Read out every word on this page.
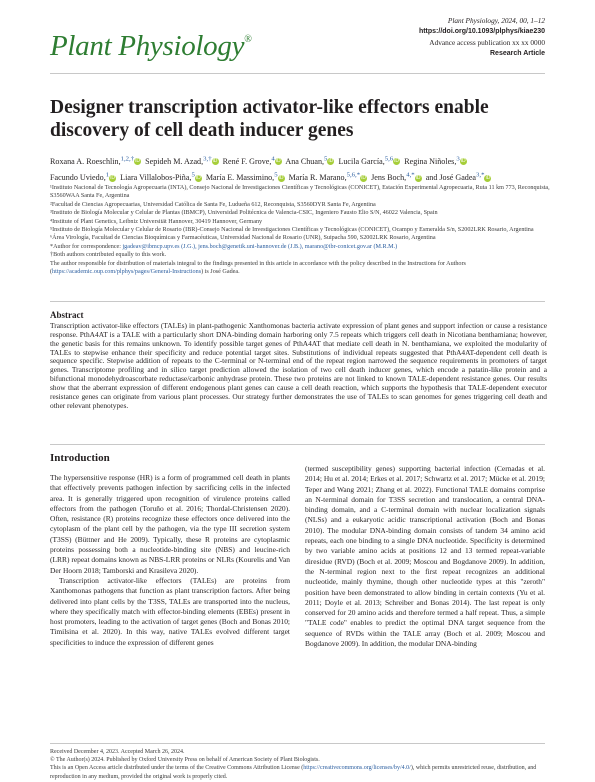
Plant Physiology®
Plant Physiology, 2024, 00, 1–12
https://doi.org/10.1093/plphys/kiae230
Advance access publication xx xx 0000
Research Article
Designer transcription activator-like effectors enable
discovery of cell death inducer genes
Roxana A. Roeschlin,$^{1,2,\dagger}$iD Sepideh M. Azad,$^{3,\dagger}$iD René F. Grove,$^4$iD Ana Chuan,$^5$iD Lucila García,$^{5,6}$iD Regina Niñoles,$^3$iD
Facundo Uviedo,$^1$iD Liara Villalobos-Piña,$^5$iD María E. Massimino,$^5$iD María R. Marano,$^{5,6,*}$iD Jens Boch,$^{4,*}$iD and José Gadea$^{3,*}$iD

¹Instituto Nacional de Tecnología Agropecuaria (INTA), Consejo Nacional de Investigaciones Científicas y Tecnológicas (CONICET), Estación Experimental Agropecuaria, Ruta 11 km 773, Reconquista, S3560WAA Santa Fe, Argentina

²Facultad de Ciencias Agropecuarias, Universidad Católica de Santa Fe, Ludueña 612, Reconquista, S3560DYR Santa Fe, Argentina

³Instituto de Biología Molecular y Celular de Plantas (IBMCP), Universidad Politécnica de Valencia-CSIC, Ingeniero Fausto Elio S/N, 46022 Valencia, Spain

⁴Institute of Plant Genetics, Leibniz Universität Hannover, 30419 Hannover, Germany

⁵Instituto de Biología Molecular y Celular de Rosario (IBR)-Consejo Nacional de Investigaciones Científicas y Tecnológicas (CONICET), Ocampo y Esmeralda S/n, S2002LRK Rosario, Argentina

⁶Área Virología, Facultad de Ciencias Bioquímicas y Farmacéuticas, Universidad Nacional de Rosario (UNR), Suipacha 590, S2002LRK Rosario, Argentina

*Author for correspondence: jgadeav@ibmcp.upv.es (J.G.), jens.boch@genetik.uni-hannover.de (J.B.), marano@ibr-conicet.gov.ar (M.R.M.)

†Both authors contributed equally to this work.

The author responsible for distribution of materials integral to the findings presented in this article in accordance with the policy described in the Instructions for Authors (https://academic.oup.com/plphys/pages/General-Instructions) is José Gadea.

Abstract
Transcription activator-like effectors (TALEs) in plant-pathogenic Xanthomonas bacteria activate expression of plant genes and support infection or cause a resistance response. PthA4AT is a TALE with a particularly short DNA-binding domain harboring only 7.5 repeats which triggers cell death in Nicotiana benthamiana; however, the genetic basis for this remains unknown. To identify possible target genes of PthA4AT that mediate cell death in N. benthamiana, we exploited the modularity of TALEs to stepwise enhance their specificity and reduce potential target sites. Substitutions of individual repeats suggested that PthA4AT-dependent cell death is sequence specific. Stepwise addition of repeats to the C-terminal or N-terminal end of the repeat region narrowed the sequence requirements in promoters of target genes. Transcriptome profiling and in silico target prediction allowed the isolation of two cell death inducer genes, which encode a patatin-like protein and a bifunctional monodehydroascorbate reductase/carbonic anhydrase protein. These two proteins are not linked to known TALE-dependent resistance genes. Our results show that the aberrant expression of different endogenous plant genes can cause a cell death reaction, which supports the hypothesis that TALE-dependent executor resistance genes can originate from various plant processes. Our strategy further demonstrates the use of TALEs to scan genomes for genes triggering cell death and other relevant phenotypes.
Introduction

The hypersensitive response (HR) is a form of programmed cell death in plants that effectively prevents pathogen infection by sacrificing cells in the infected area. It is generally triggered upon recognition of virulence proteins called effectors from the pathogen (Toruño et al. 2016; Thordal-Christensen 2020). Often, resistance (R) proteins recognize these effectors once delivered into the cytoplasm of the plant cell by the pathogen, via the type III secretion system (T3SS) (Büttner and He 2009). Typically, these R proteins are cytoplasmic proteins possessing both a nucleotide-binding site (NBS) and leucine-rich (LRR) repeat domains known as NBS-LRR proteins or NLRs (Kourelis and Van Der Hoorn 2018; Tamborski and Krasileva 2020).

Transcription activator-like effectors (TALEs) are proteins from Xanthomonas pathogens that function as plant transcription factors. After being delivered into plant cells by the T3SS, TALEs are transported into the nucleus, where they specifically match with effector-binding elements (EBEs) present in host promoters, leading to the activation of target genes (Boch and Bonas 2010; Timilsina et al. 2020). In this way, native TALEs evolved different target specificities to induce the expression of different genes

(termed susceptibility genes) supporting bacterial infection (Cernadas et al. 2014; Hu et al. 2014; Erkes et al. 2017; Schwartz et al. 2017; Mücke et al. 2019; Teper and Wang 2021; Zhang et al. 2022). Functional TALE domains comprise an N-terminal domain for T3SS secretion and translocation, a central DNA-binding domain, and a C-terminal domain with nuclear localization signals (NLSs) and a eukaryotic acidic transcriptional activation (Boch and Bonas 2010). The modular DNA-binding domain consists of tandem 34 amino acid repeats, each one binding to a single DNA nucleotide. Specificity is determined by two variable amino acids at positions 12 and 13 termed repeat-variable diresidue (RVD) (Boch et al. 2009; Moscou and Bogdanove 2009). In addition, the N-terminal region next to the first repeat recognizes an additional nucleotide, mainly thymine, though other nucleotide types at this "zeroth" position have been demonstrated to allow binding in certain contexts (Yu et al. 2011; Doyle et al. 2013; Schreiber and Bonas 2014). The last repeat is only conserved for 20 amino acids and therefore termed a half repeat. Thus, a simple "TALE code" enables to predict the optimal DNA target sequence from the sequence of RVDs within the TALE array (Boch et al. 2009; Moscou and Bogdanove 2009). In addition, the modular DNA-binding

Received December 4, 2023. Accepted March 26, 2024.

© The Author(s) 2024. Published by Oxford University Press on behalf of American Society of Plant Biologists.

This is an Open Access article distributed under the terms of the Creative Commons Attribution License (https://creativecommons.org/licenses/by/4.0/), which permits unrestricted reuse, distribution, and reproduction in any medium, provided the original work is properly cited.
